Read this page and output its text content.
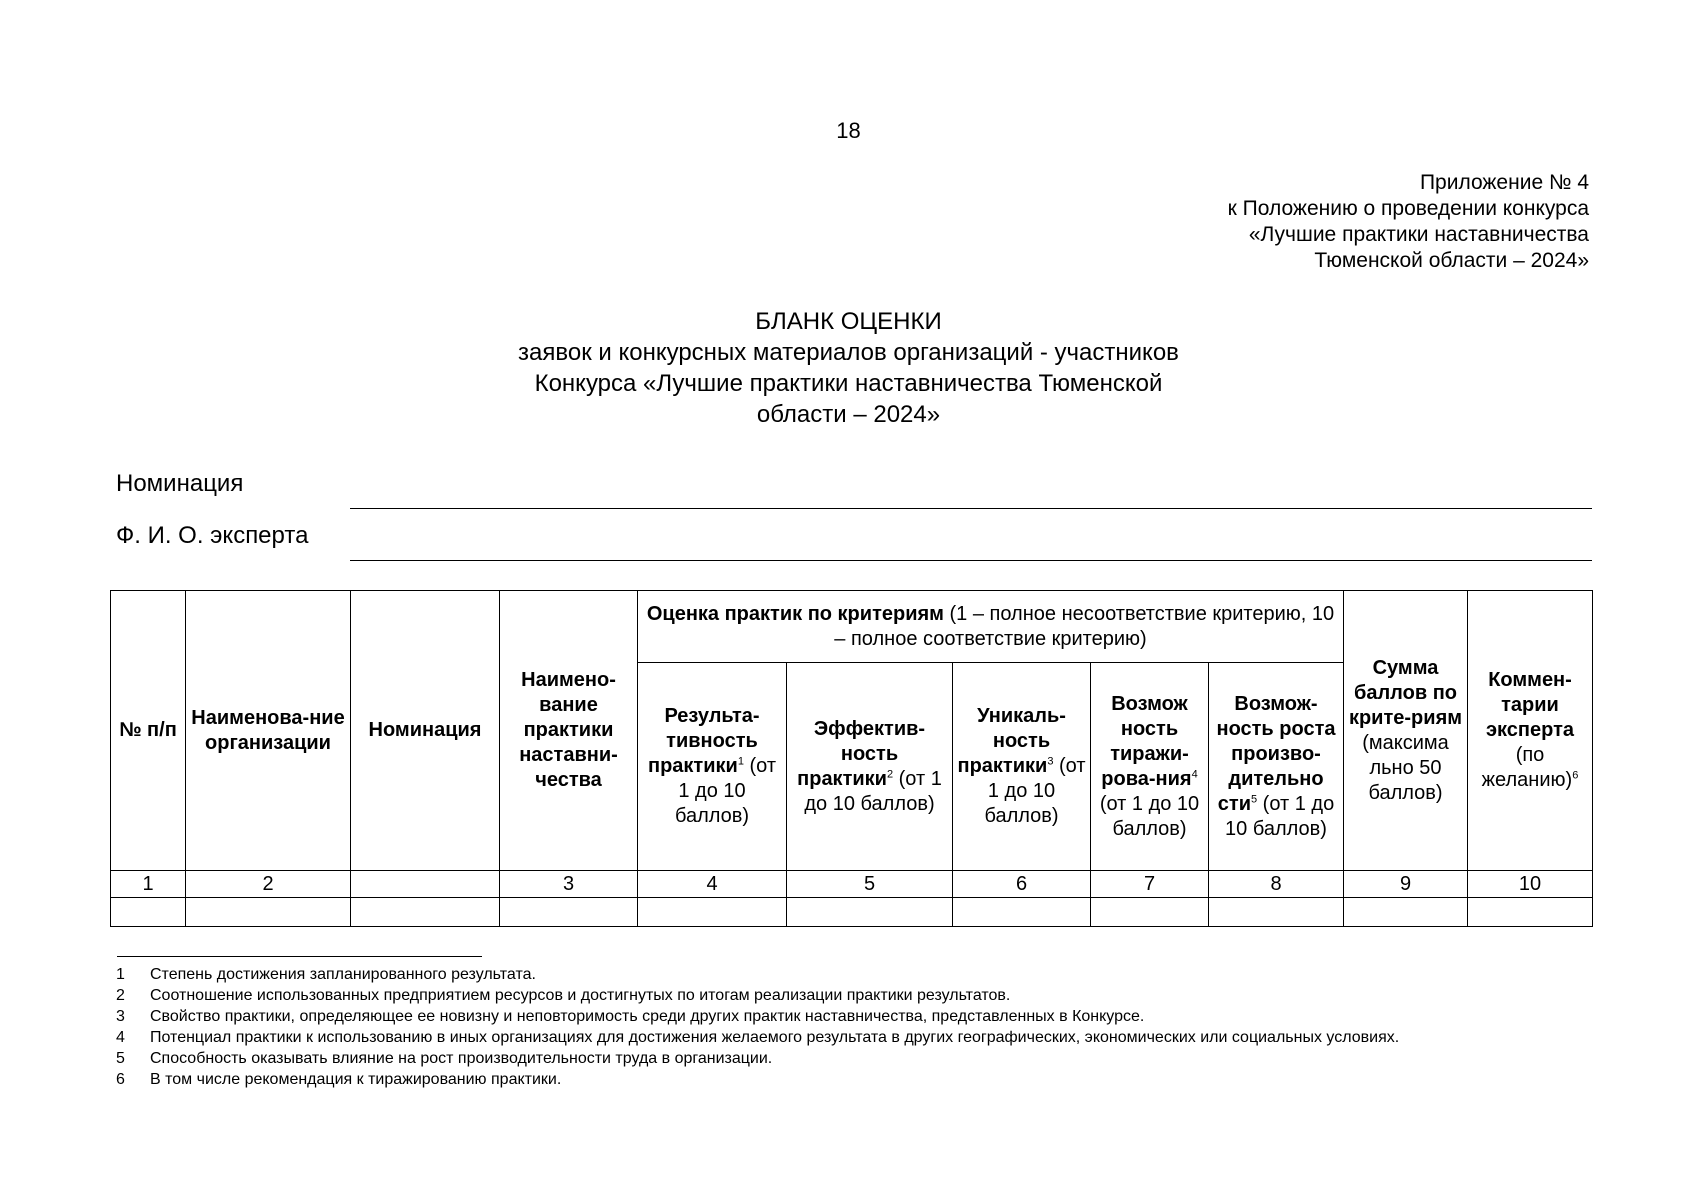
18
Приложение № 4
к Положению о проведении конкурса
«Лучшие практики наставничества
Тюменской области – 2024»
БЛАНК ОЦЕНКИ
заявок и конкурсных материалов организаций - участников
Конкурса «Лучшие практики наставничества Тюменской
области – 2024»
Номинация
Ф. И. О. эксперта
№ п/п	Наименова-ние организации	Номинация	Наимено-вание практики наставни-чества	Оценка практик по критериям (1 – полное несоответствие критерию, 10 – полное соответствие критерию)					Сумма баллов по крите-риям (максима льно 50 баллов)	Коммен-тарии эксперта (по желанию)$^6$
				Результа-тивность практики$^1$ (от 1 до 10 баллов)	Эффектив-ность практики$^2$ (от 1 до 10 баллов)	Уникаль-ность практики$^3$ (от 1 до 10 баллов)	Возмож ность тиражи-рова-ния$^4$ (от 1 до 10 баллов)	Возмож-ность роста произво-дительно сти$^5$ (от 1 до 10 баллов)		
1	2		3	4	5	6	7	8	9	10

1 Степень достижения запланированного результата.
2 Соотношение использованных предприятием ресурсов и достигнутых по итогам реализации практики результатов.
3 Свойство практики, определяющее ее новизну и неповторимость среди других практик наставничества, представленных в Конкурсе.
4 Потенциал практики к использованию в иных организациях для достижения желаемого результата в других географических, экономических или социальных условиях.
5 Способность оказывать влияние на рост производительности труда в организации.
6 В том числе рекомендация к тиражированию практики.
